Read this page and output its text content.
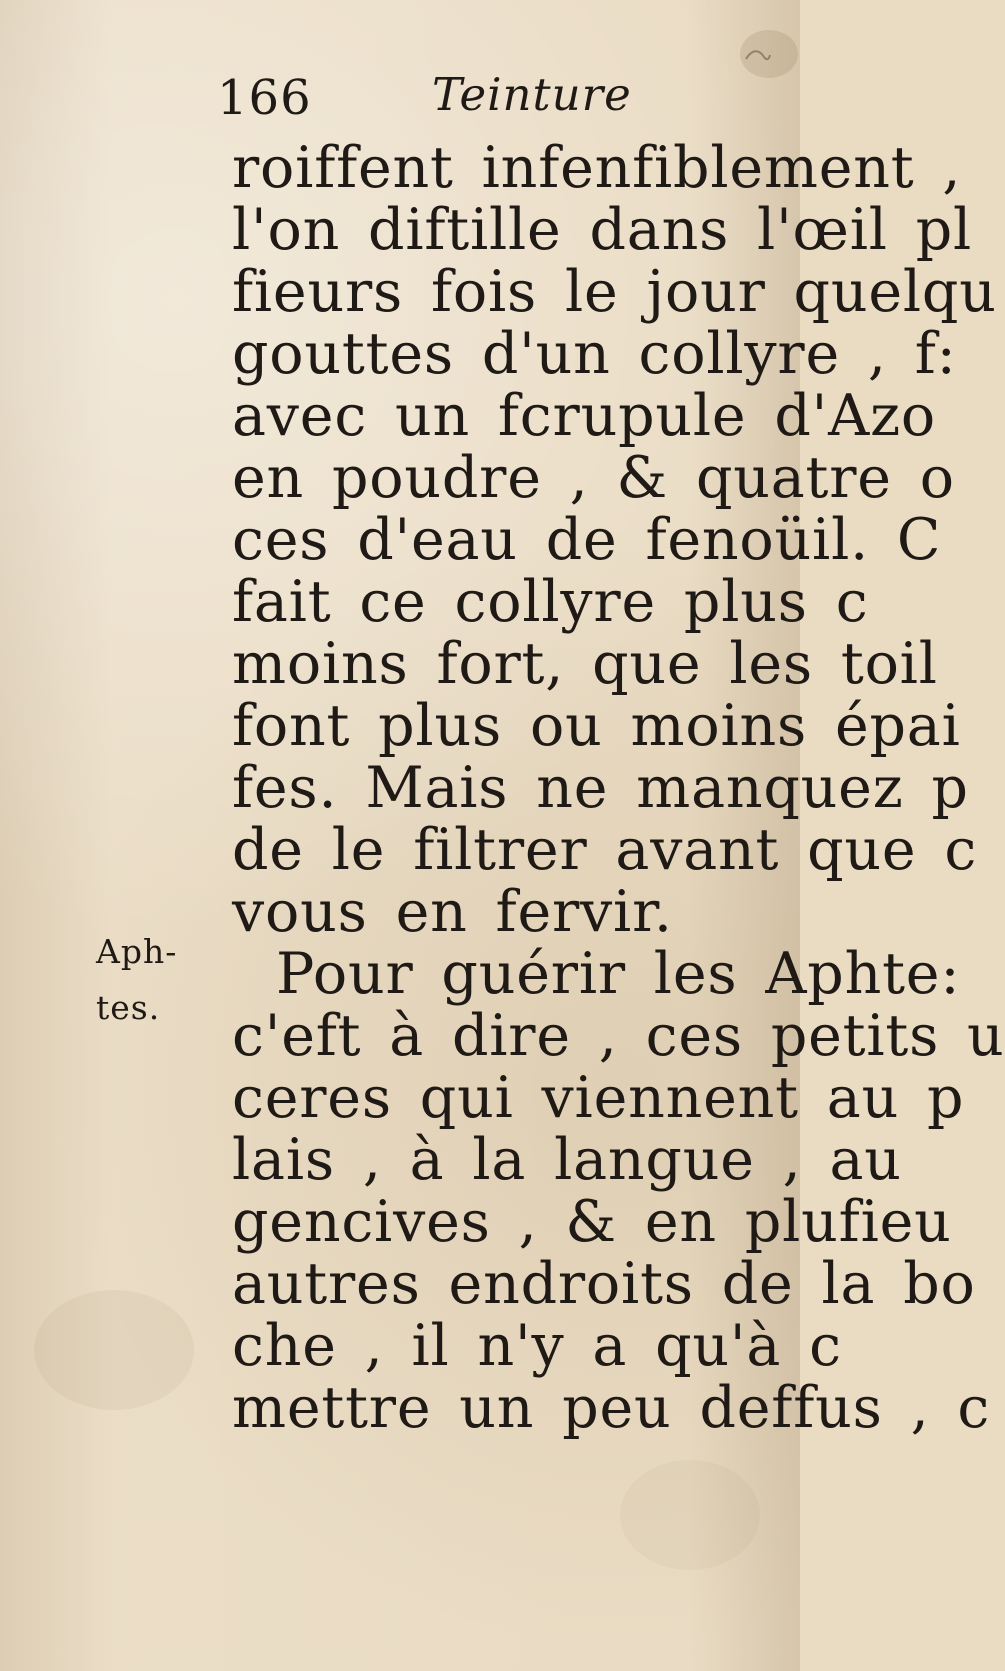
166	Teinture
Aph-
tes.
roiffent infenfiblement ,
l'on diftille dans l'œil pl
fieurs fois le jour quelqu
gouttes d'un collyre , f:
avec un fcrupule d'Azo
en poudre , & quatre o
ces d'eau de fenoüil. C
fait ce collyre plus c
moins fort, que les toil
font plus ou moins épai
fes. Mais ne manquez p
de le filtrer avant que c
vous en fervir.
Pour guérir les Aphte:
c'eft à dire , ces petits u
ceres qui viennent au p
lais , à la langue , au
gencives , & en plufieu
autres endroits de la bo
che , il n'y a qu'à c
mettre un peu deffus , c
